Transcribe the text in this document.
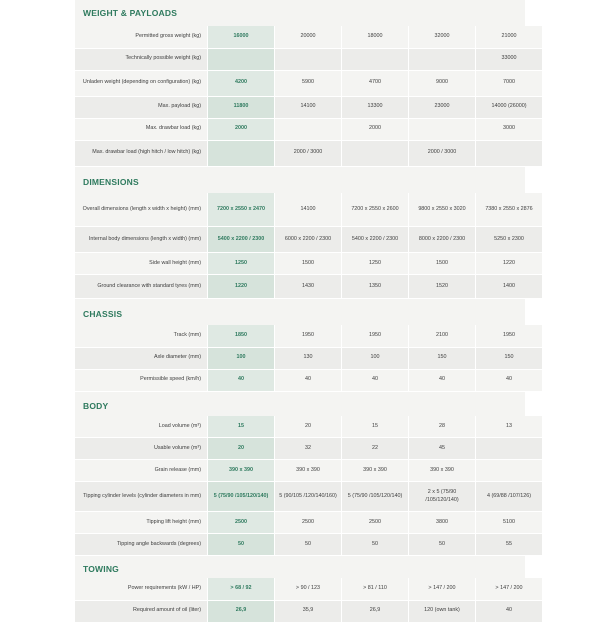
WEIGHT & PAYLOADS
Permitted gross weight (kg)	16000	20000	18000	32000	21000
Technically possible weight (kg)					33000
Unladen weight (depending on configuration) (kg)	4200	5900	4700	9000	7000
Max. payload (kg)	11800	14100	13300	23000	14000 (26000)
Max. drawbar load (kg)	2000		2000		3000
Max. drawbar load (high hitch / low hitch) (kg)		2000 / 3000		2000 / 3000	
DIMENSIONS
Overall dimensions (length x width x height) (mm)	7200 x 2550 x 2470	14100	7200 x 2550 x 2600	9800 x 2550 x 3020	7380 x 2550 x 2876
Internal body dimensions (length x width) (mm)	5400 x 2200 / 2300	6000 x 2200 / 2300	5400 x 2200 / 2300	8000 x 2200 / 2300	5250 x 2300
Side wall height (mm)	1250	1500	1250	1500	1220
Ground clearance with standard tyres (mm)	1220	1430	1350	1520	1400
CHASSIS
Track (mm)	1850	1950	1950	2100	1950
Axle diameter (mm)	100	130	100	150	150
Permissible speed (km/h)	40	40	40	40	40
BODY
Load volume (m³)	15	20	15	28	13
Usable volume (m³)	20	32	22	45	
Grain release (mm)	390 x 390	390 x 390	390 x 390	390 x 390	
Tipping cylinder levels (cylinder diameters in mm)	5 (75/90 /105/120/140)	5 (90/105 /120/140/160)	5 (75/90 /105/120/140)	2 x 5 (75/90 /105/120/140)	4 (69/88 /107/126)
Tipping lift height (mm)	2500	2500	2500	3800	5100
Tipping angle backwards (degrees)	50	50	50	50	55
TOWING
Power requirements (kW / HP)	> 68 / 92	> 90 / 123	> 81 / 110	> 147 / 200	> 147 / 200
Required amount of oil (liter)	26,9	35,9	26,9	120 (own tank)	40
